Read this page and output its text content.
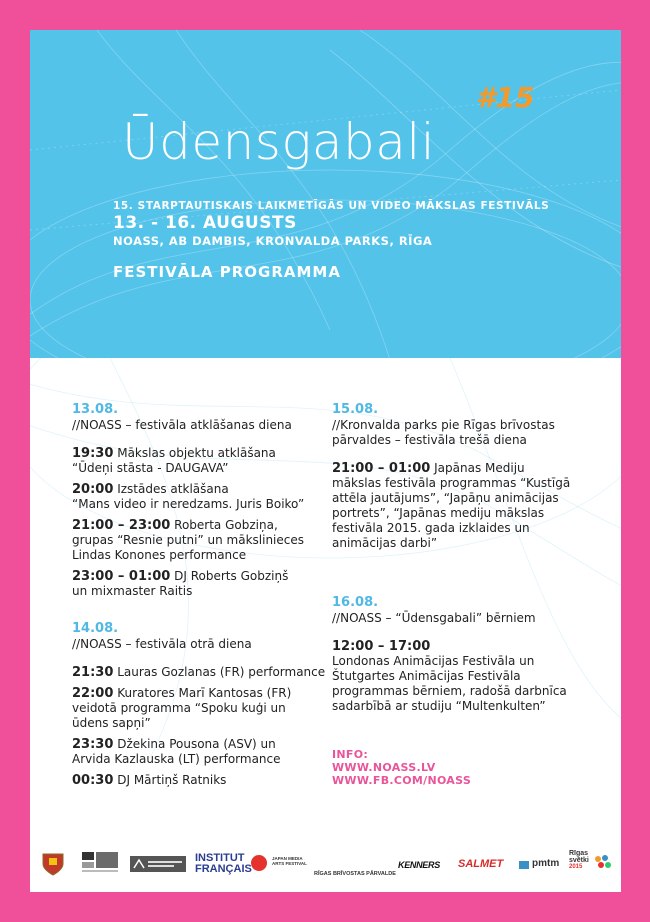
#15
Ūdensgabali
15. STARPTAUTISKAIS LAIKMETĪGĀS UN VIDEO MĀKSLAS FESTIVĀLS
13. - 16. AUGUSTS
NOASS, AB DAMBIS, KRONVALDA PARKS, RĪGA
FESTIVĀLA PROGRAMMA
13.08.
//NOASS – festivāla atklāšanas diena
19:30 Mākslas objektu atklāšana
“Ūdeņi stāsta - DAUGAVA”
20:00 Izstādes atklāšana
“Mans video ir neredzams. Juris Boiko”
21:00 – 23:00 Roberta Gobziņa,
grupas “Resnie putni” un mākslinieces
Lindas Konones performance
23:00 – 01:00 DJ Roberts Gobziņš
un mixmaster Raitis
14.08.
//NOASS – festivāla otrā diena
21:30 Lauras Gozlanas (FR) performance
22:00 Kuratores Marī Kantosas (FR)
veidotā programma “Spoku kuģi un
ūdens sapņi”
23:30 Džekina Pousona (ASV) un
Arvida Kazlauska (LT) performance
00:30 DJ Mārtiņš Ratniks
15.08.
//Kronvalda parks pie Rīgas brīvostas
pārvaldes – festivāla trešā diena
21:00 – 01:00 Japānas Mediju
mākslas festivāla programmas “Kustīgā
attēla jautājums”, “Japāņu animācijas
portrets”, “Japānas mediju mākslas
festivāla 2015. gada izklaides un
animācijas darbi”
16.08.
//NOASS – “Ūdensgabali” bērniem
12:00 – 17:00
Londonas Animācijas Festivāla un
Štutgartes Animācijas Festivāla
programmas bērniem, radošā darbnīca
sadarbībā ar studiju “Multenkulten”
INFO:
WWW.NOASS.LV
WWW.FB.COM/NOASS
INSTITUT
FRANÇAIS
JAPAN MEDIA ARTS FESTIVAL
RĪGAS BRĪVOSTAS PĀRVALDE
KENNERS SALMET	pmtm
Rīgas
svētki
2015
